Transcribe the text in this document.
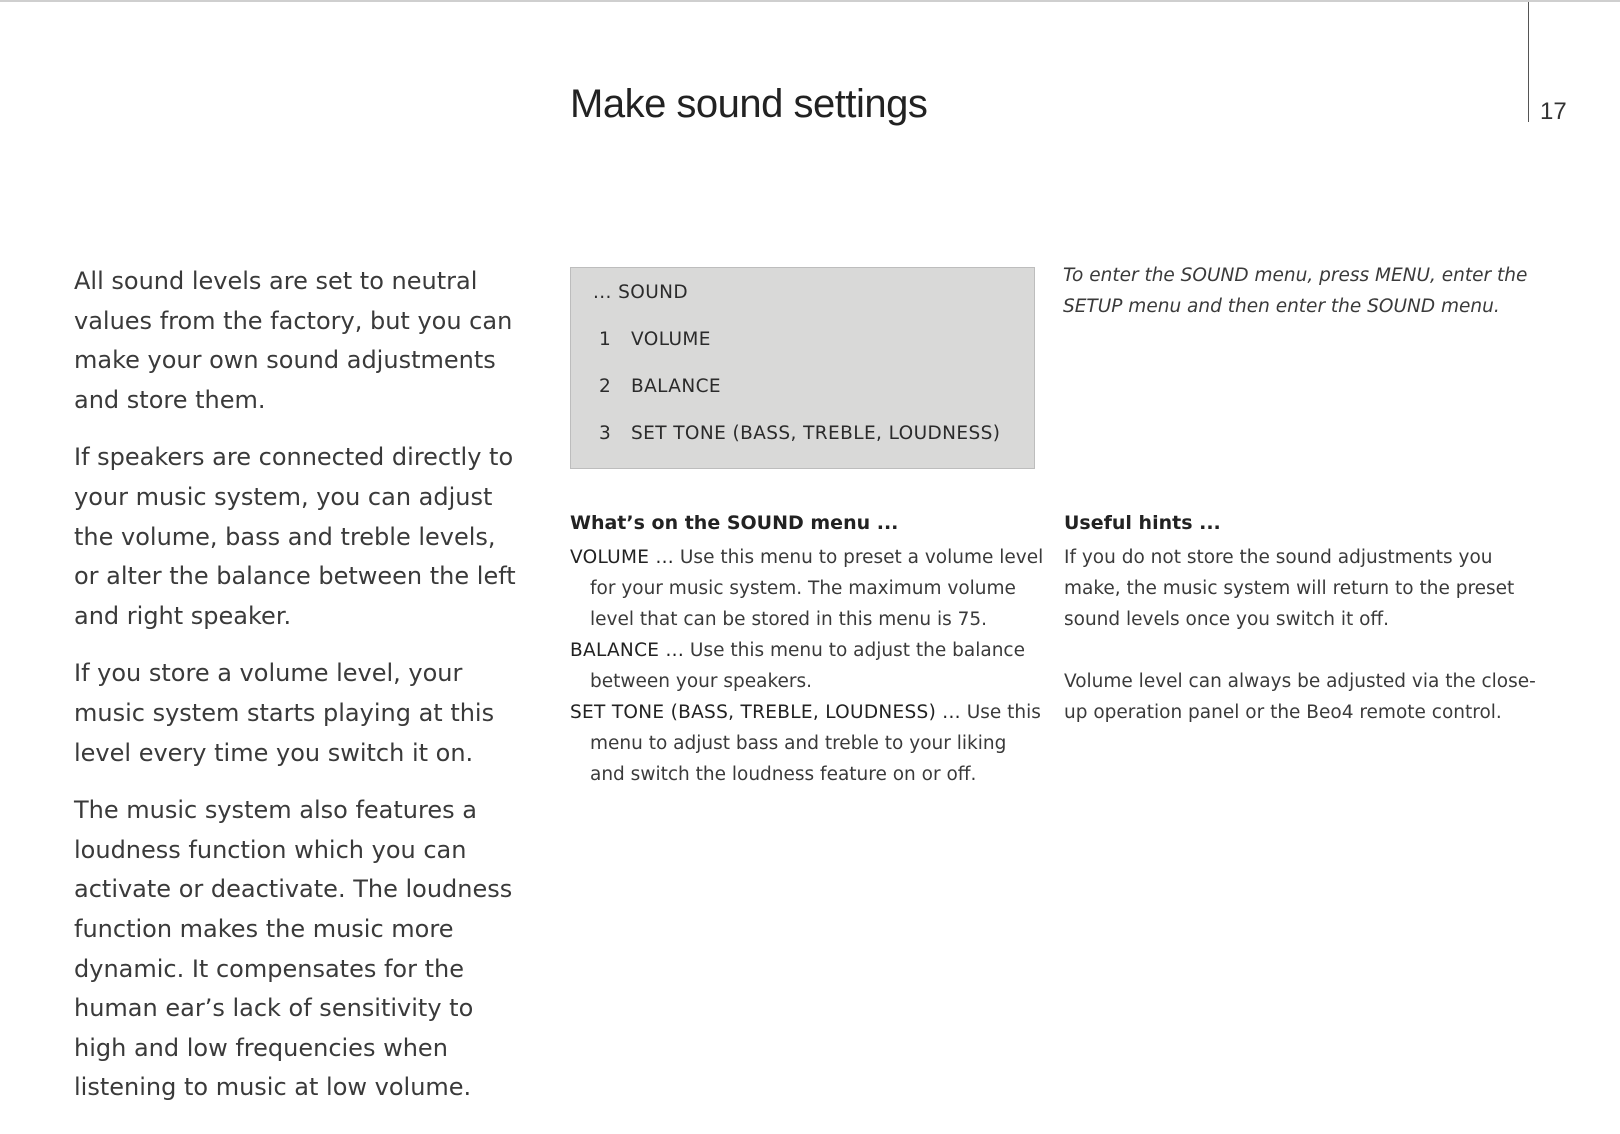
17
Make sound settings

All sound levels are set to neutral values from the factory, but you can make your own sound adjustments and store them.

If speakers are connected directly to your music system, you can adjust the volume, bass and treble levels, or alter the balance between the left and right speaker.

If you store a volume level, your music system starts playing at this level every time you switch it on.

The music system also features a loudness function which you can activate or deactivate. The loudness function makes the music more dynamic. It compensates for the human ear’s lack of sensitivity to high and low frequencies when listening to music at low volume.

... SOUND
1 VOLUME
2 BALANCE
3 SET TONE (BASS, TREBLE, LOUDNESS)

To enter the SOUND menu, press MENU, enter the SETUP menu and then enter the SOUND menu.

What’s on the SOUND menu ...

VOLUME ... Use this menu to preset a volume level for your music system. The maximum volume level that can be stored in this menu is 75.

BALANCE ... Use this menu to adjust the balance between your speakers.

SET TONE (BASS, TREBLE, LOUDNESS) ... Use this menu to adjust bass and treble to your liking and switch the loudness feature on or off.

Useful hints ...

If you do not store the sound adjustments you make, the music system will return to the preset sound levels once you switch it off.

Volume level can always be adjusted via the close-up operation panel or the Beo4 remote control.
